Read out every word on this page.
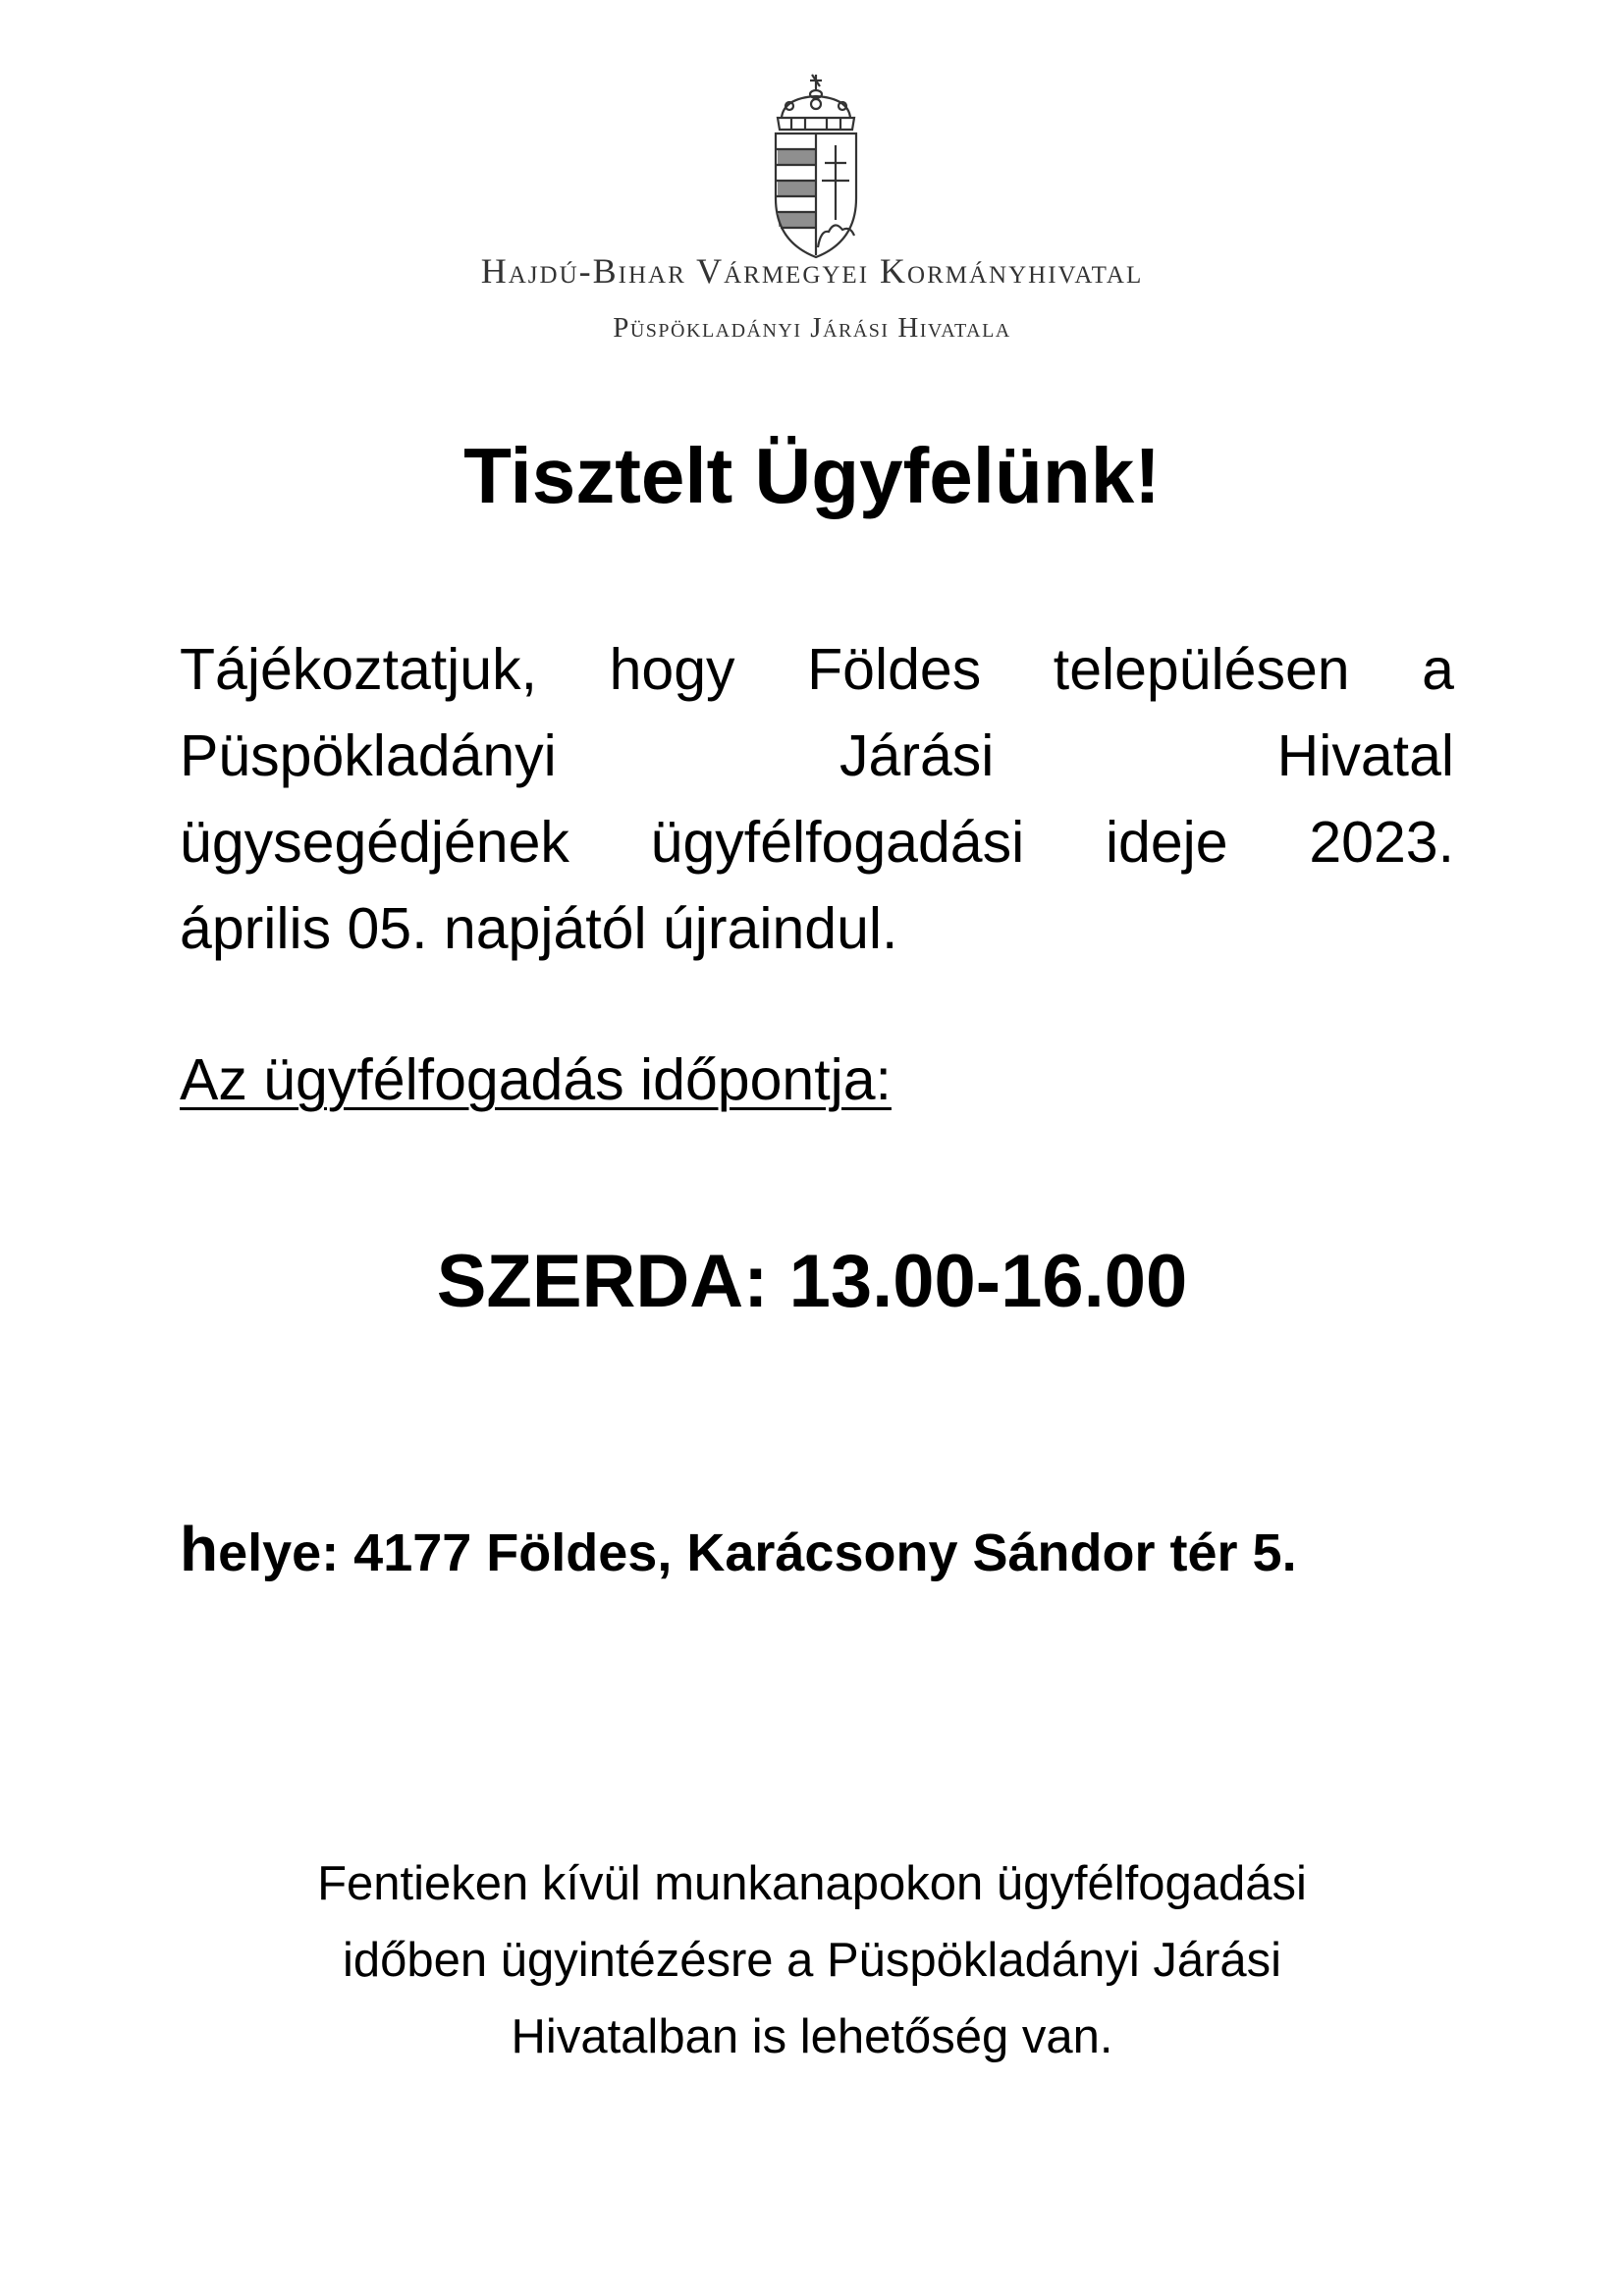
Hajdú-Bihar Vármegyei Kormányhivatal
Püspökladányi Járási Hivatala
Tisztelt Ügyfelünk!
Tájékoztatjuk, hogy Földes településen a
Püspökladányi Járási Hivatal
ügysegédjének ügyfélfogadási ideje 2023.
április 05. napjától újraindul.
Az ügyfélfogadás időpontja:
SZERDA: 13.00-16.00
helye: 4177 Földes, Karácsony Sándor tér 5.
Fentieken kívül munkanapokon ügyfélfogadási
időben ügyintézésre a Püspökladányi Járási
Hivatalban is lehetőség van.
